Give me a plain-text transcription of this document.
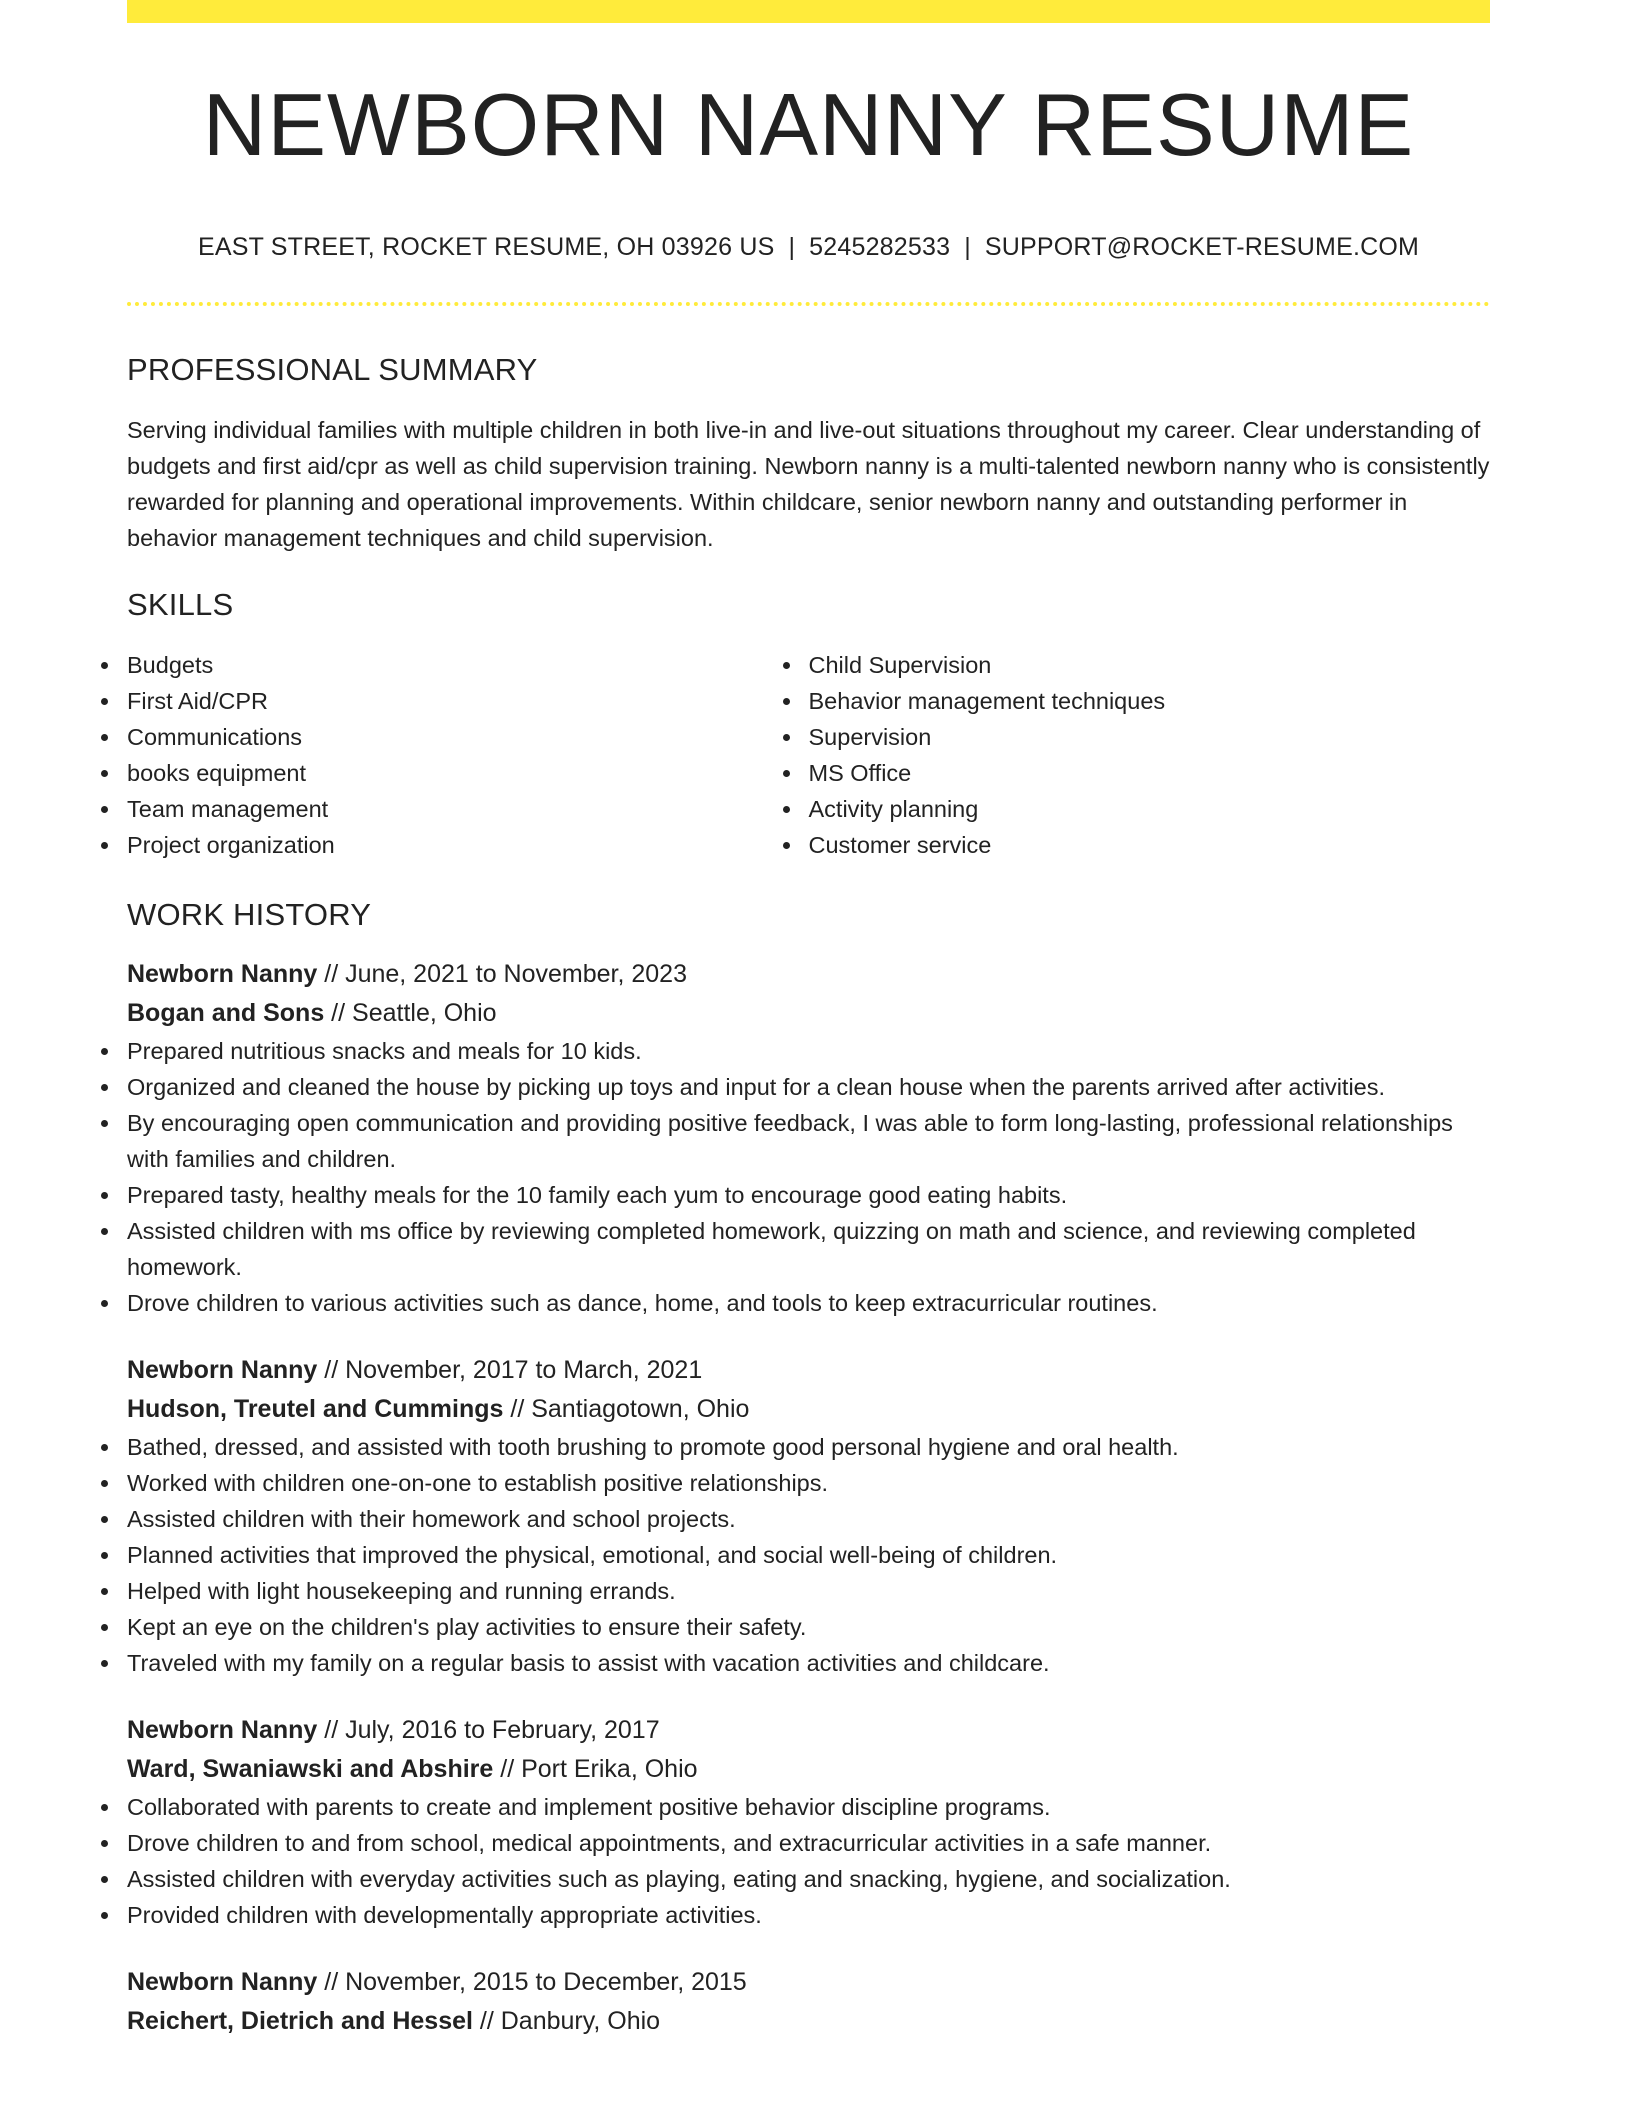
NEWBORN NANNY RESUME
EAST STREET, ROCKET RESUME, OH 03926 US | 5245282533 | SUPPORT@ROCKET-RESUME.COM
PROFESSIONAL SUMMARY
Serving individual families with multiple children in both live-in and live-out situations throughout my career. Clear understanding of budgets and first aid/cpr as well as child supervision training. Newborn nanny is a multi-talented newborn nanny who is consistently rewarded for planning and operational improvements. Within childcare, senior newborn nanny and outstanding performer in behavior management techniques and child supervision.
SKILLS
Budgets
First Aid/CPR
Communications
books equipment
Team management
Project organization
Child Supervision
Behavior management techniques
Supervision
MS Office
Activity planning
Customer service
WORK HISTORY
Newborn Nanny // June, 2021 to November, 2023
Bogan and Sons // Seattle, Ohio
Prepared nutritious snacks and meals for 10 kids.
Organized and cleaned the house by picking up toys and input for a clean house when the parents arrived after activities.
By encouraging open communication and providing positive feedback, I was able to form long-lasting, professional relationships with families and children.
Prepared tasty, healthy meals for the 10 family each yum to encourage good eating habits.
Assisted children with ms office by reviewing completed homework, quizzing on math and science, and reviewing completed homework.
Drove children to various activities such as dance, home, and tools to keep extracurricular routines.
Newborn Nanny // November, 2017 to March, 2021
Hudson, Treutel and Cummings // Santiagotown, Ohio
Bathed, dressed, and assisted with tooth brushing to promote good personal hygiene and oral health.
Worked with children one-on-one to establish positive relationships.
Assisted children with their homework and school projects.
Planned activities that improved the physical, emotional, and social well-being of children.
Helped with light housekeeping and running errands.
Kept an eye on the children's play activities to ensure their safety.
Traveled with my family on a regular basis to assist with vacation activities and childcare.
Newborn Nanny // July, 2016 to February, 2017
Ward, Swaniawski and Abshire // Port Erika, Ohio
Collaborated with parents to create and implement positive behavior discipline programs.
Drove children to and from school, medical appointments, and extracurricular activities in a safe manner.
Assisted children with everyday activities such as playing, eating and snacking, hygiene, and socialization.
Provided children with developmentally appropriate activities.
Newborn Nanny // November, 2015 to December, 2015
Reichert, Dietrich and Hessel // Danbury, Ohio
